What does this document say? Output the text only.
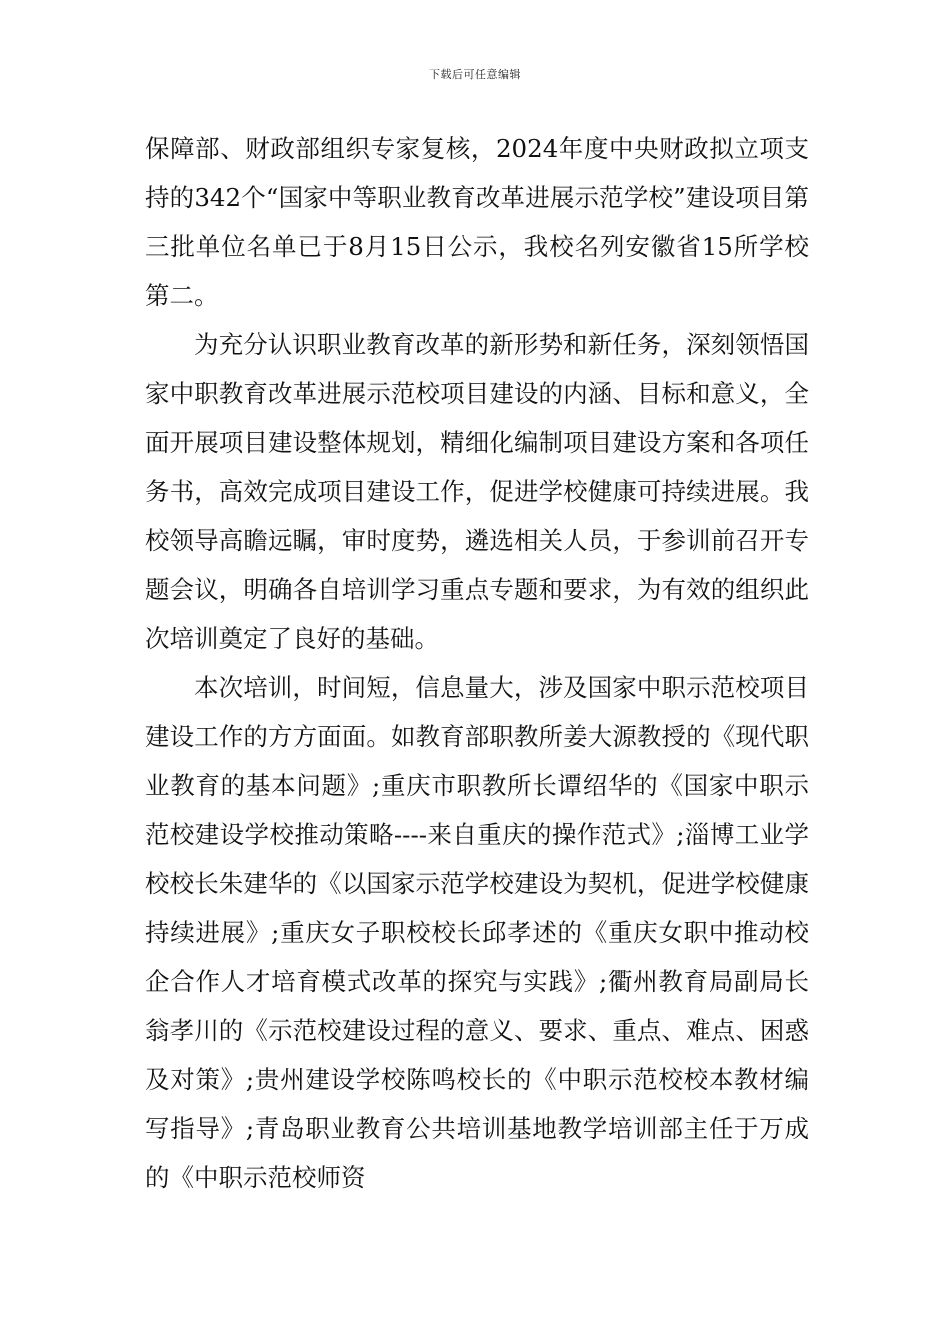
下载后可任意编辑

保障部、财政部组织专家复核，2024年度中央财政拟立项支持的342个“国家中等职业教育改革进展示范学校”建设项目第三批单位名单已于8月15日公示，我校名列安徽省15所学校第二。

为充分认识职业教育改革的新形势和新任务，深刻领悟国家中职教育改革进展示范校项目建设的内涵、目标和意义，全面开展项目建设整体规划，精细化编制项目建设方案和各项任务书，高效完成项目建设工作，促进学校健康可持续进展。我校领导高瞻远瞩，审时度势，遴选相关人员，于参训前召开专题会议，明确各自培训学习重点专题和要求，为有效的组织此次培训奠定了良好的基础。

本次培训，时间短，信息量大，涉及国家中职示范校项目建设工作的方方面面。如教育部职教所姜大源教授的《现代职业教育的基本问题》;重庆市职教所长谭绍华的《国家中职示范校建设学校推动策略----来自重庆的操作范式》;淄博工业学校校长朱建华的《以国家示范学校建设为契机，促进学校健康持续进展》;重庆女子职校校长邱孝述的《重庆女职中推动校企合作人才培育模式改革的探究与实践》;衢州教育局副局长翁孝川的《示范校建设过程的意义、要求、重点、难点、困惑及对策》;贵州建设学校陈鸣校长的《中职示范校校本教材编写指导》;青岛职业教育公共培训基地教学培训部主任于万成的《中职示范校师资
